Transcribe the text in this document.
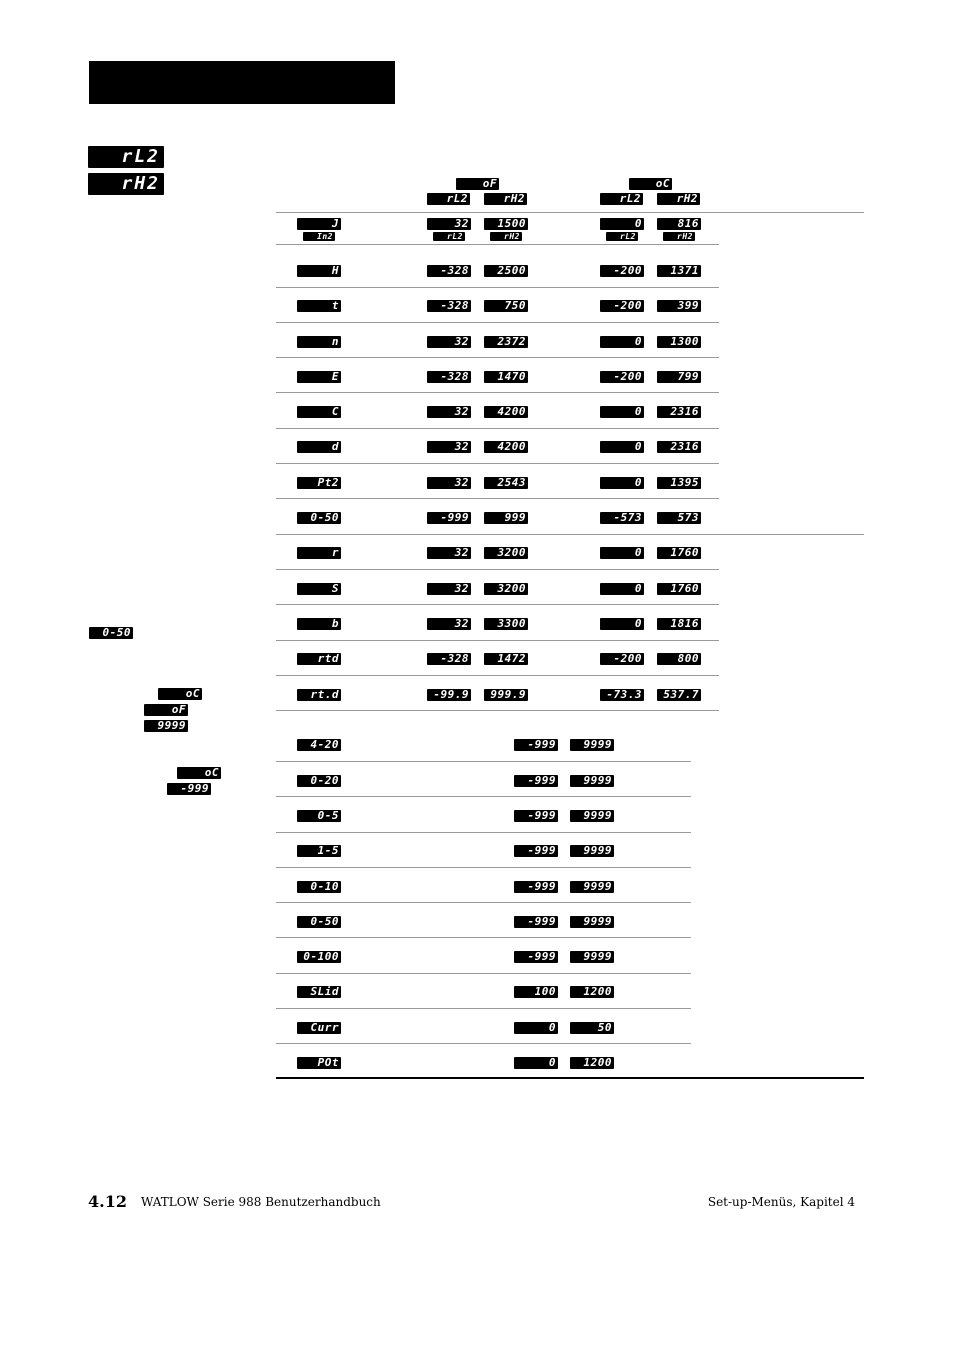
rL2
rH2	oF
rL2	rH2
oC
rL2	rH2
J	32	1500	0	816
H	-328	2500	-200	1371
t	-328	750	-200	399
n	32	2372	0	1300
E	-328	1470	-200	799
C	32	4200	0	2316
d	32	4200	0	2316
Pt2	32	2543	0	1395
0-50	-999	999	-573	573
r	32	3200	0	1760
S	32	3200	0	1760
b	32	3300	0	1816
rtd	-328	1472	-200	800
rt.d	-99.9	999.9	-73.3	537.7
4-20	-999	9999
0-20	-999	9999
0-5	-999	9999
1-5	-999	9999
0-10	-999	9999
0-50	-999	9999
0-100	-999	9999
SLid	100	1200
Curr	0	50
POt	0	1200
In2	rL2	rH2	rL2	rH2
0-50
oC
oF
9999
oC
-999
4.12 WATLOW Serie 988 Benutzerhandbuch	Set-up-Menüs, Kapitel 4
